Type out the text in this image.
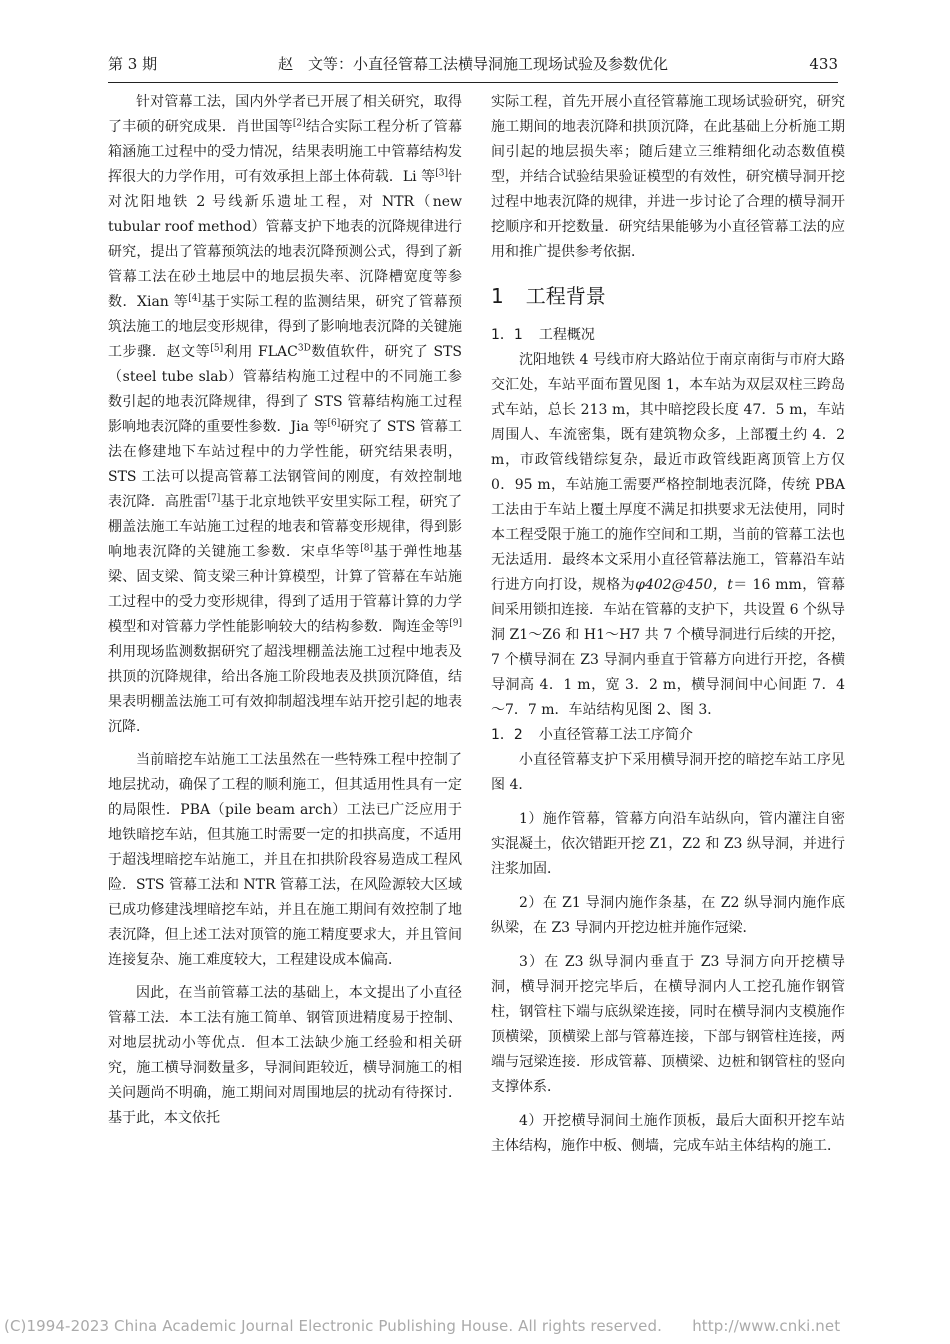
第 3 期	赵　文等：小直径管幕工法横导洞施工现场试验及参数优化	433

针对管幕工法，国内外学者已开展了相关研究，取得了丰硕的研究成果．肖世国等[2]结合实际工程分析了管幕箱涵施工过程中的受力情况，结果表明施工中管幕结构发挥很大的力学作用，可有效承担上部土体荷载．Li 等[3]针对沈阳地铁 2 号线新乐遗址工程，对 NTR（new tubular roof method）管幕支护下地表的沉降规律进行研究，提出了管幕预筑法的地表沉降预测公式，得到了新管幕工法在砂土地层中的地层损失率、沉降槽宽度等参数．Xian 等[4]基于实际工程的监测结果，研究了管幕预筑法施工的地层变形规律，得到了影响地表沉降的关键施工步骤．赵文等[5]利用 $FLAC^{3D}$数值软件，研究了 STS（steel tube slab）管幕结构施工过程中的不同施工参数引起的地表沉降规律，得到了 STS 管幕结构施工过程影响地表沉降的重要性参数．Jia 等[6]研究了 STS 管幕工法在修建地下车站过程中的力学性能，研究结果表明，STS 工法可以提高管幕工法钢管间的刚度，有效控制地表沉降．高胜雷[7]基于北京地铁平安里实际工程，研究了棚盖法施工车站施工过程的地表和管幕变形规律，得到影响地表沉降的关键施工参数．宋卓华等[8]基于弹性地基梁、固支梁、简支梁三种计算模型，计算了管幕在车站施工过程中的受力变形规律，得到了适用于管幕计算的力学模型和对管幕力学性能影响较大的结构参数．陶连金等[9]利用现场监测数据研究了超浅埋棚盖法施工过程中地表及拱顶的沉降规律，给出各施工阶段地表及拱顶沉降值，结果表明棚盖法施工可有效抑制超浅埋车站开挖引起的地表沉降．

当前暗挖车站施工工法虽然在一些特殊工程中控制了地层扰动，确保了工程的顺利施工，但其适用性具有一定的局限性．PBA（pile beam arch）工法已广泛应用于地铁暗挖车站，但其施工时需要一定的扣拱高度，不适用于超浅埋暗挖车站施工，并且在扣拱阶段容易造成工程风险．STS 管幕工法和 NTR 管幕工法，在风险源较大区域已成功修建浅埋暗挖车站，并且在施工期间有效控制了地表沉降，但上述工法对顶管的施工精度要求大，并且管间连接复杂、施工难度较大，工程建设成本偏高．

因此，在当前管幕工法的基础上，本文提出了小直径管幕工法．本工法有施工简单、钢管顶进精度易于控制、对地层扰动小等优点．但本工法缺少施工经验和相关研究，施工横导洞数量多，导洞间距较近，横导洞施工的相关问题尚不明确，施工期间对周围地层的扰动有待探讨．基于此，本文依托

实际工程，首先开展小直径管幕施工现场试验研究，研究施工期间的地表沉降和拱顶沉降，在此基础上分析施工期间引起的地层损失率；随后建立三维精细化动态数值模型，并结合试验结果验证模型的有效性，研究横导洞开挖过程中地表沉降的规律，并进一步讨论了合理的横导洞开挖顺序和开挖数量．研究结果能够为小直径管幕工法的应用和推广提供参考依据．

1 工程背景
1．1 工程概况

沈阳地铁 4 号线市府大路站位于南京南街与市府大路交汇处，车站平面布置见图 1，本车站为双层双柱三跨岛式车站，总长 213 m，其中暗挖段长度 47．5 m，车站周围人、车流密集，既有建筑物众多，上部覆土约 4．2 m，市政管线错综复杂，最近市政管线距离顶管上方仅 0．95 m，车站施工需要严格控制地表沉降，传统 PBA 工法由于车站上覆土厚度不满足扣拱要求无法使用，同时本工程受限于施工的施作空间和工期，当前的管幕工法也无法适用．最终本文采用小直径管幕法施工，管幕沿车站行进方向打设，规格为φ402@450，t＝ 16 mm，管幕间采用锁扣连接．车站在管幕的支护下，共设置 6 个纵导洞 Z1～Z6 和 H1～H7 共 7 个横导洞进行后续的开挖，7 个横导洞在 Z3 导洞内垂直于管幕方向进行开挖，各横导洞高 4．1 m，宽 3．2 m，横导洞间中心间距 7．4～7．7 m．车站结构见图 2、图 3．

1．2 小直径管幕工法工序简介

小直径管幕支护下采用横导洞开挖的暗挖车站工序见图 4．

1）施作管幕，管幕方向沿车站纵向，管内灌注自密实混凝土，依次错距开挖 Z1，Z2 和 Z3 纵导洞，并进行注浆加固．

2）在 Z1 导洞内施作条基，在 Z2 纵导洞内施作底纵梁，在 Z3 导洞内开挖边桩并施作冠梁．

3）在 Z3 纵导洞内垂直于 Z3 导洞方向开挖横导洞，横导洞开挖完毕后，在横导洞内人工挖孔施作钢管柱，钢管柱下端与底纵梁连接，同时在横导洞内支模施作顶横梁，顶横梁上部与管幕连接，下部与钢管柱连接，两端与冠梁连接．形成管幕、顶横梁、边桩和钢管柱的竖向支撑体系．

4）开挖横导洞间土施作顶板，最后大面积开挖车站主体结构，施作中板、侧墙，完成车站主体结构的施工．

(C)1994-2023 China Academic Journal Electronic Publishing House. All rights reserved.　　http://www.cnki.net
